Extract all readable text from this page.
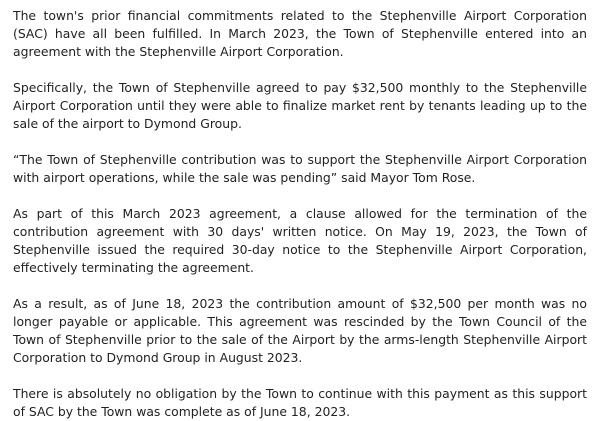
The town's prior financial commitments related to the Stephenville Airport Corporation (SAC) have all been fulfilled. In March 2023, the Town of Stephenville entered into an agreement with the Stephenville Airport Corporation.

Specifically, the Town of Stephenville agreed to pay $32,500 monthly to the Stephenville Airport Corporation until they were able to finalize market rent by tenants leading up to the sale of the airport to Dymond Group.

“The Town of Stephenville contribution was to support the Stephenville Airport Corporation with airport operations, while the sale was pending” said Mayor Tom Rose.

As part of this March 2023 agreement, a clause allowed for the termination of the contribution agreement with 30 days' written notice. On May 19, 2023, the Town of Stephenville issued the required 30-day notice to the Stephenville Airport Corporation, effectively terminating the agreement.

As a result, as of June 18, 2023 the contribution amount of $32,500 per month was no longer payable or applicable. This agreement was rescinded by the Town Council of the Town of Stephenville prior to the sale of the Airport by the arms-length Stephenville Airport Corporation to Dymond Group in August 2023.

There is absolutely no obligation by the Town to continue with this payment as this support of SAC by the Town was complete as of June 18, 2023.
